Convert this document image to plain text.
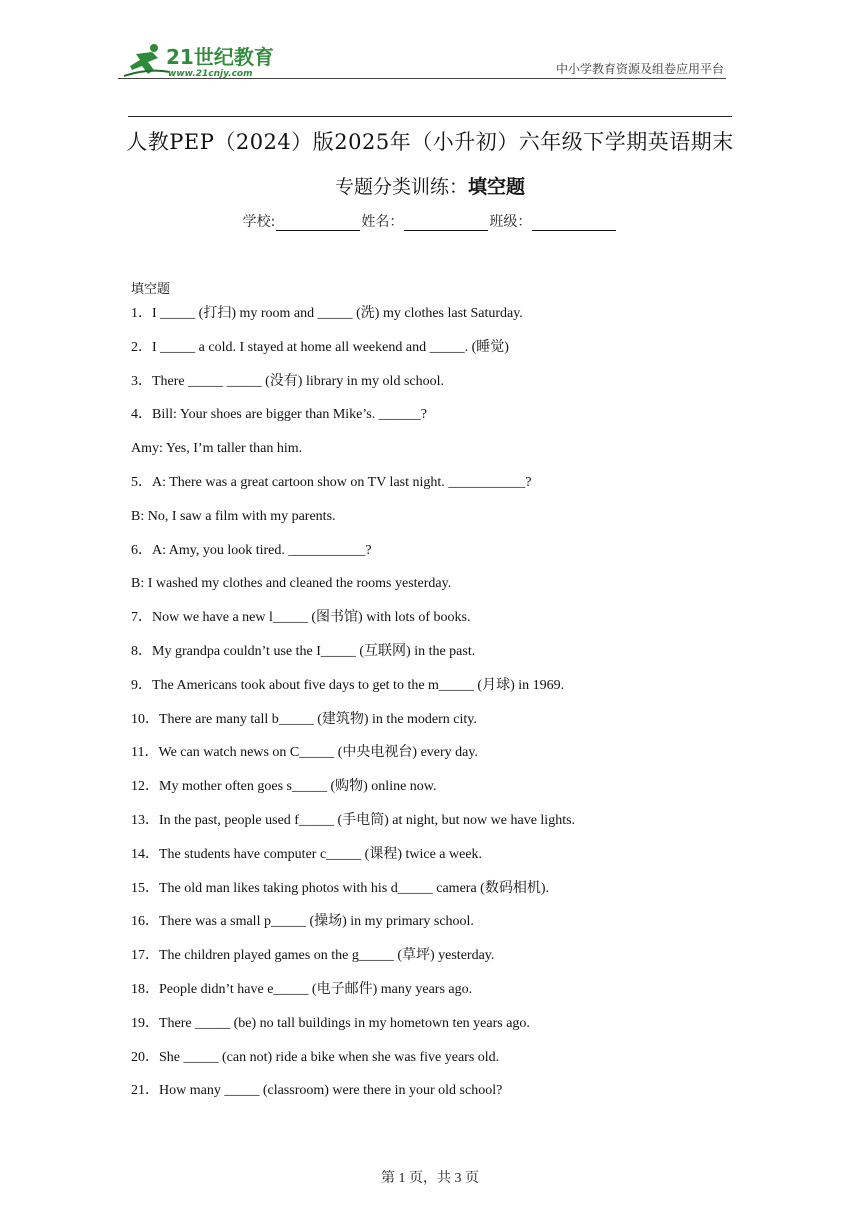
21世纪教育
www.21cnjy.com	中小学教育资源及组卷应用平台
人教PEP（2024）版2025年（小升初）六年级下学期英语期末
专题分类训练：填空题
学校:	姓名：	班级：
填空题
1．I _____ (打扫) my room and _____ (洗) my clothes last Saturday.
2．I _____ a cold. I stayed at home all weekend and _____. (睡觉)
3．There _____ _____ (没有) library in my old school.
4．Bill: Your shoes are bigger than Mike’s. ______?
Amy: Yes, I’m taller than him.
5．A: There was a great cartoon show on TV last night. ___________?
B: No, I saw a film with my parents.
6．A: Amy, you look tired. ___________?
B: I washed my clothes and cleaned the rooms yesterday.
7．Now we have a new l_____ (图书馆) with lots of books.
8．My grandpa couldn’t use the I_____ (互联网) in the past.
9．The Americans took about five days to get to the m_____ (月球) in 1969.
10．There are many tall b_____ (建筑物) in the modern city.
11．We can watch news on C_____ (中央电视台) every day.
12．My mother often goes s_____ (购物) online now.
13．In the past, people used f_____ (手电筒) at night, but now we have lights.
14．The students have computer c_____ (课程) twice a week.
15．The old man likes taking photos with his d_____ camera (数码相机).
16．There was a small p_____ (操场) in my primary school.
17．The children played games on the g_____ (草坪) yesterday.
18．People didn’t have e_____ (电子邮件) many years ago.
19．There _____ (be) no tall buildings in my hometown ten years ago.
20．She _____ (can not) ride a bike when she was five years old.
21．How many _____ (classroom) were there in your old school?
第 1 页，共 3 页
